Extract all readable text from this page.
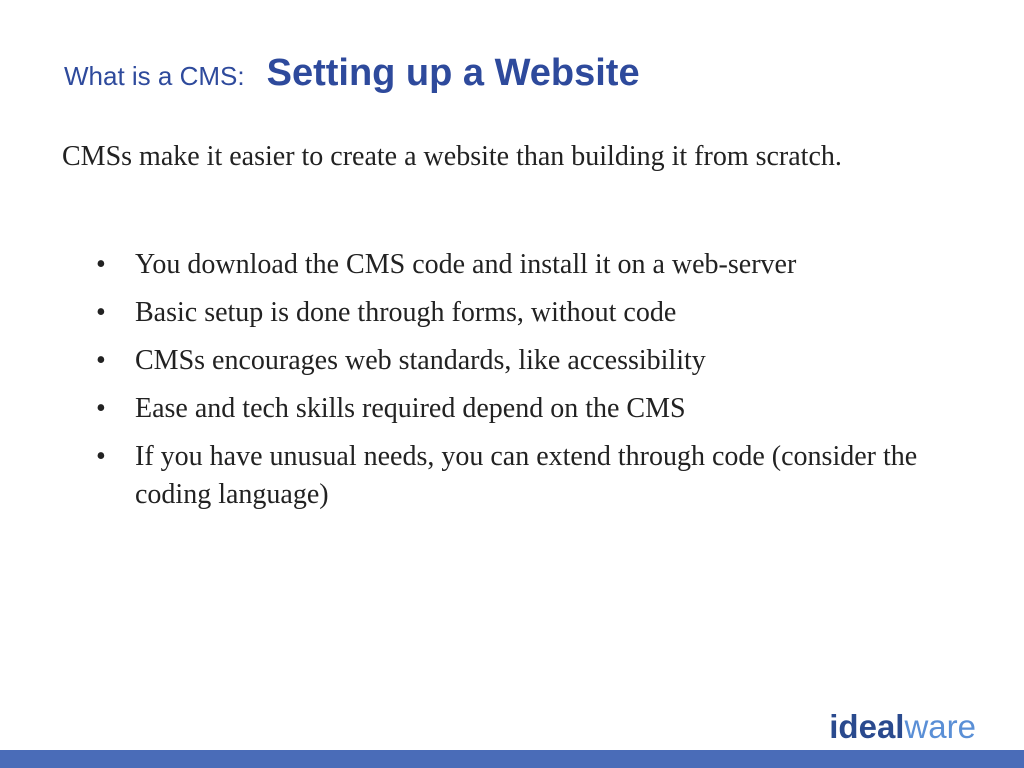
What is a CMS: Setting up a Website
CMSs make it easier to create a website than building it from scratch.
• You download the CMS code and install it on a web-server
• Basic setup is done through forms, without code
• CMSs encourages web standards, like accessibility
• Ease and tech skills required depend on the CMS
• If you have unusual needs, you can extend through code (consider the coding language)
idealware
